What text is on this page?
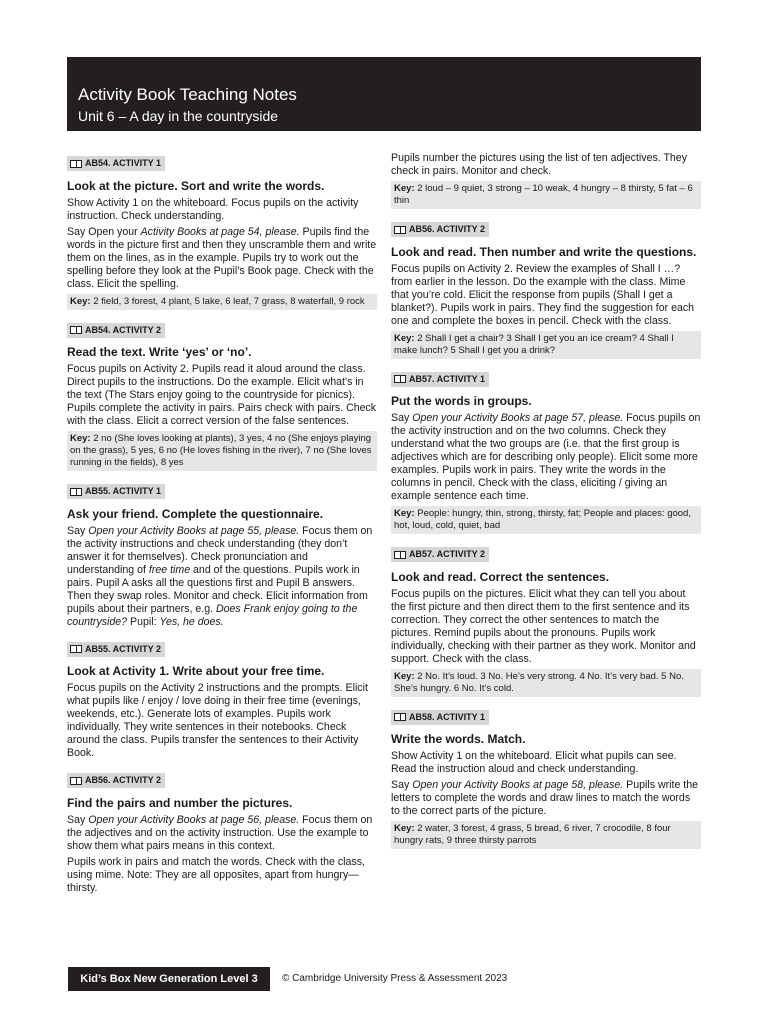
Activity Book Teaching Notes
Unit 6 – A day in the countryside
AB54. ACTIVITY 1
Look at the picture. Sort and write the words.

Show Activity 1 on the whiteboard. Focus pupils on the activity instruction. Check understanding.

Say Open your Activity Books at page 54, please. Pupils find the words in the picture first and then they unscramble them and write them on the lines, as in the example. Pupils try to work out the spelling before they look at the Pupil’s Book page. Check with the class. Elicit the spelling.

Key: 2 field, 3 forest, 4 plant, 5 lake, 6 leaf, 7 grass, 8 waterfall, 9 rock
AB54. ACTIVITY 2
Read the text. Write ‘yes’ or ‘no’.

Focus pupils on Activity 2. Pupils read it aloud around the class. Direct pupils to the instructions. Do the example. Elicit what’s in the text (The Stars enjoy going to the countryside for picnics). Pupils complete the activity in pairs. Pairs check with pairs. Check with the class. Elicit a correct version of the false sentences.

Key: 2 no (She loves looking at plants), 3 yes, 4 no (She enjoys playing on the grass), 5 yes, 6 no (He loves fishing in the river), 7 no (She loves running in the fields), 8 yes
AB55. ACTIVITY 1
Ask your friend. Complete the questionnaire.

Say Open your Activity Books at page 55, please. Focus them on the activity instructions and check understanding (they don’t answer it for themselves). Check pronunciation and understanding of free time and of the questions. Pupils work in pairs. Pupil A asks all the questions first and Pupil B answers. Then they swap roles. Monitor and check. Elicit information from pupils about their partners, e.g. Does Frank enjoy going to the countryside? Pupil: Yes, he does.

AB55. ACTIVITY 2
Look at Activity 1. Write about your free time.

Focus pupils on the Activity 2 instructions and the prompts. Elicit what pupils like / enjoy / love doing in their free time (evenings, weekends, etc.). Generate lots of examples. Pupils work individually. They write sentences in their notebooks. Check around the class. Pupils transfer the sentences to their Activity Book.

AB56. ACTIVITY 2
Find the pairs and number the pictures.

Say Open your Activity Books at page 56, please. Focus them on the adjectives and on the activity instruction. Use the example to show them what pairs means in this context.

Pupils work in pairs and match the words. Check with the class, using mime. Note: They are all opposites, apart from hungry—thirsty.

Pupils number the pictures using the list of ten adjectives. They check in pairs. Monitor and check.

Key: 2 loud – 9 quiet, 3 strong – 10 weak, 4 hungry – 8 thirsty, 5 fat – 6 thin
AB56. ACTIVITY 2
Look and read. Then number and write the questions.

Focus pupils on Activity 2. Review the examples of Shall I …? from earlier in the lesson. Do the example with the class. Mime that you’re cold. Elicit the response from pupils (Shall I get a blanket?). Pupils work in pairs. They find the suggestion for each one and complete the boxes in pencil. Check with the class.

Key: 2 Shall I get a chair? 3 Shall I get you an ice cream? 4 Shall I make lunch? 5 Shall I get you a drink?
AB57. ACTIVITY 1
Put the words in groups.

Say Open your Activity Books at page 57, please. Focus pupils on the activity instruction and on the two columns. Check they understand what the two groups are (i.e. that the first group is adjectives which are for describing only people). Elicit some more examples. Pupils work in pairs. They write the words in the columns in pencil. Check with the class, eliciting / giving an example sentence each time.

Key: People: hungry, thin, strong, thirsty, fat; People and places: good, hot, loud, cold, quiet, bad
AB57. ACTIVITY 2
Look and read. Correct the sentences.

Focus pupils on the pictures. Elicit what they can tell you about the first picture and then direct them to the first sentence and its correction. They correct the other sentences to match the pictures. Remind pupils about the pronouns. Pupils work individually, checking with their partner as they work. Monitor and support. Check with the class.

Key: 2 No. It’s loud. 3 No. He’s very strong. 4 No. It’s very bad. 5 No. She’s hungry. 6 No. It’s cold.
AB58. ACTIVITY 1
Write the words. Match.

Show Activity 1 on the whiteboard. Elicit what pupils can see. Read the instruction aloud and check understanding.

Say Open your Activity Books at page 58, please. Pupils write the letters to complete the words and draw lines to match the words to the correct parts of the picture.

Key: 2 water, 3 forest, 4 grass, 5 bread, 6 river, 7 crocodile, 8 four hungry rats, 9 three thirsty parrots
Kid’s Box New Generation Level 3	© Cambridge University Press & Assessment 2023
